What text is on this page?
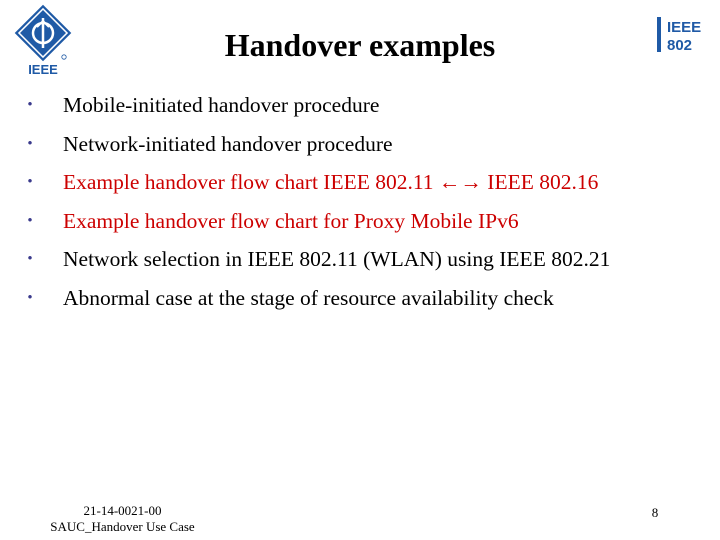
IEEE
Handover examples	IEEE
802
• Mobile-initiated handover procedure
• Network-initiated handover procedure
• Example handover flow chart IEEE 802.11 ←→ IEEE 802.16
• Example handover flow chart for Proxy Mobile IPv6
• Network selection in IEEE 802.11 (WLAN) using IEEE 802.21
• Abnormal case at the stage of resource availability check
21-14-0021-00
SAUC_Handover Use Case
8
